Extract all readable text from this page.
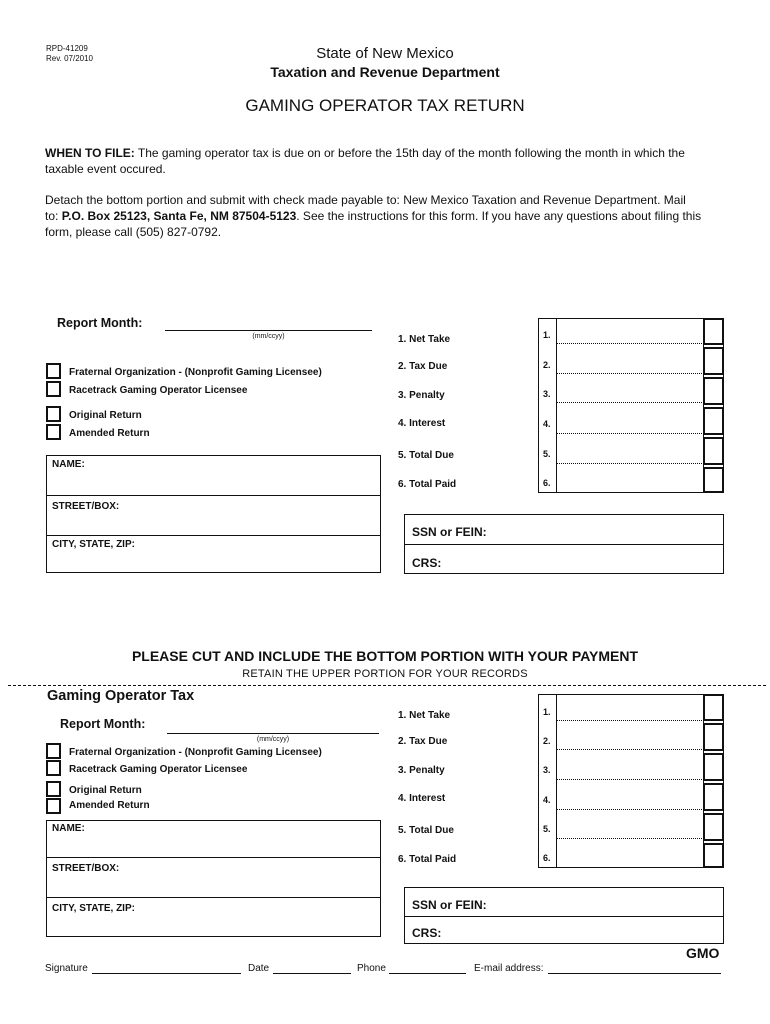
RPD-41209
Rev. 07/2010	State of New Mexico
Taxation and Revenue Department
GAMING OPERATOR TAX RETURN
WHEN TO FILE: The gaming operator tax is due on or before the 15th day of the month following the month in which the
taxable event occured.
Detach the bottom portion and submit with check made payable to: New Mexico Taxation and Revenue Department. Mail
to: P.O. Box 25123, Santa Fe, NM 87504-5123. See the instructions for this form. If you have any questions about filing this
form, please call (505) 827-0792.
Report Month:
(mm/ccyy)
Fraternal Organization - (Nonprofit Gaming Licensee)
Racetrack Gaming Operator Licensee
Original Return
Amended Return
NAME:
STREET/BOX:
CITY, STATE, ZIP:
1. Net Take
2. Tax Due
3. Penalty
4. Interest
5. Total Due
6. Total Paid
1.
2.
3.
4.
5.
6.
SSN or FEIN:
CRS:
PLEASE CUT AND INCLUDE THE BOTTOM PORTION WITH YOUR PAYMENT
RETAIN THE UPPER PORTION FOR YOUR RECORDS
Gaming Operator Tax
Report Month:
(mm/ccyy)
Fraternal Organization - (Nonprofit Gaming Licensee)
Racetrack Gaming Operator Licensee
Original Return
Amended Return
NAME:
STREET/BOX:
CITY, STATE, ZIP:
1. Net Take
2. Tax Due
3. Penalty
4. Interest
5. Total Due
6. Total Paid
1.
2.
3.
4.
5.
6.
SSN or FEIN:
CRS:
GMO
Signature	Date	Phone	E-mail address:
